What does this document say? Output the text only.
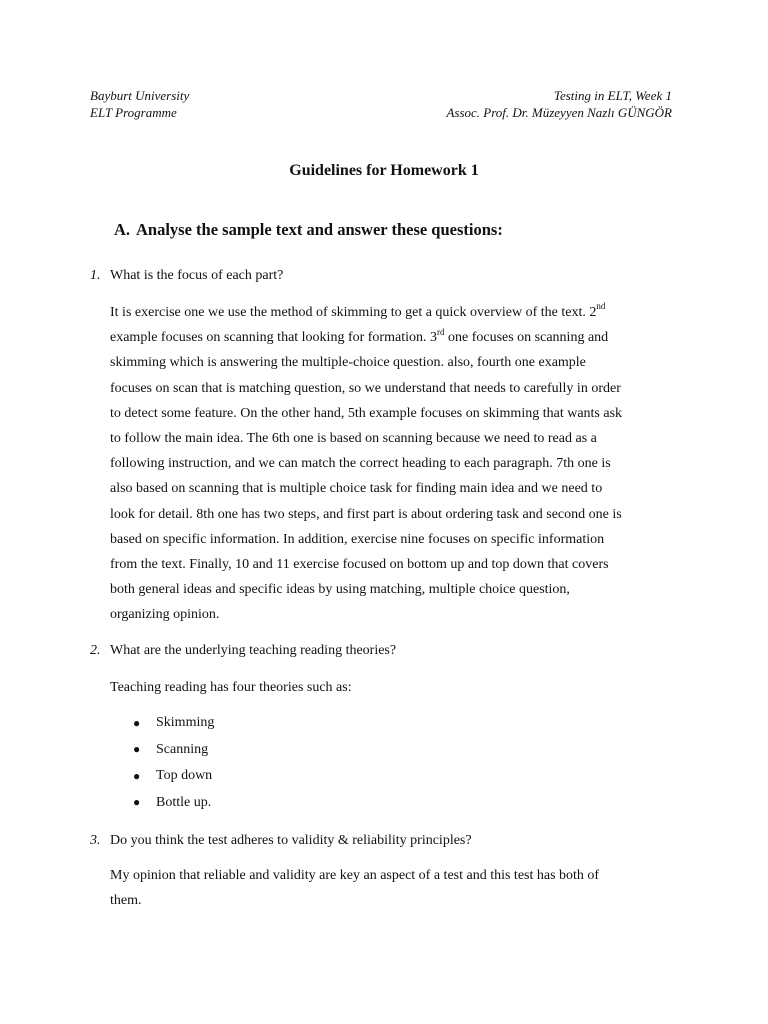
Bayburt University
ELT Programme
Testing in ELT, Week 1
Assoc. Prof. Dr. Müzeyyen Nazlı GÜNGÖR
Guidelines for Homework 1
A. Analyse the sample text and answer these questions:
1. What is the focus of each part?
It is exercise one we use the method of skimming to get a quick overview of the text. 2nd
example focuses on scanning that looking for formation. 3rd one focuses on scanning and
skimming which is answering the multiple-choice question. also, fourth one example
focuses on scan that is matching question, so we understand that needs to carefully in order
to detect some feature. On the other hand, 5th example focuses on skimming that wants ask
to follow the main idea. The 6th one is based on scanning because we need to read as a
following instruction, and we can match the correct heading to each paragraph. 7th one is
also based on scanning that is multiple choice task for finding main idea and we need to
look for detail. 8th one has two steps, and first part is about ordering task and second one is
based on specific information. In addition, exercise nine focuses on specific information
from the text. Finally, 10 and 11 exercise focused on bottom up and top down that covers
both general ideas and specific ideas by using matching, multiple choice question,
organizing opinion.
2. What are the underlying teaching reading theories?
Teaching reading has four theories such as:
●	Skimming
●	Scanning
●	Top down
●	Bottle up.
3. Do you think the test adheres to validity & reliability principles?
My opinion that reliable and validity are key an aspect of a test and this test has both of
them.
